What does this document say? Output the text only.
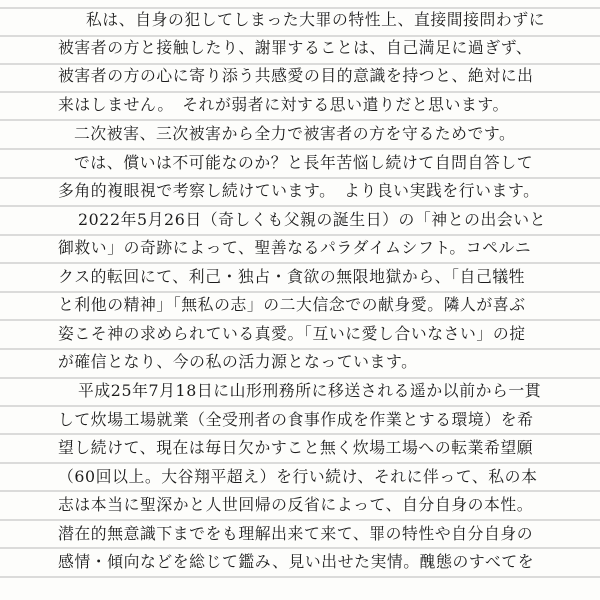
私は、自身の犯してしまった大罪の特性上、直接間接問わずに
被害者の方と接触したり、謝罪することは、自己満足に過ぎず、
被害者の方の心に寄り添う共感愛の目的意識を持つと、絶対に出
来はしません。　それが弱者に対する思い遣りだと思います。
二次被害、三次被害から全力で被害者の方を守るためです。
では、償いは不可能なのか？と長年苦悩し続けて自問自答して
多角的複眼視で考察し続けています。　より良い実践を行います。
2022年5月26日（奇しくも父親の誕生日）の「神との出会いと
御救い」の奇跡によって、聖善なるパラダイムシフト。コペルニ
クス的転回にて、利己・独占・貪欲の無限地獄から、「自己犠牲
と利他の精神」「無私の志」の二大信念での献身愛。隣人が喜ぶ
姿こそ神の求められている真愛。「互いに愛し合いなさい」の掟
が確信となり、今の私の活力源となっています。
平成25年7月18日に山形刑務所に移送される遥か以前から一貫
して炊場工場就業（全受刑者の食事作成を作業とする環境）を希
望し続けて、現在は毎日欠かすこと無く炊場工場への転業希望願
（60回以上。大谷翔平超え）を行い続け、それに伴って、私の本
志は本当に聖深かと人世回帰の反省によって、自分自身の本性。
潜在的無意識下までをも理解出来て来て、罪の特性や自分自身の
感情・傾向などを総じて鑑み、見い出せた実情。醜態のすべてを
